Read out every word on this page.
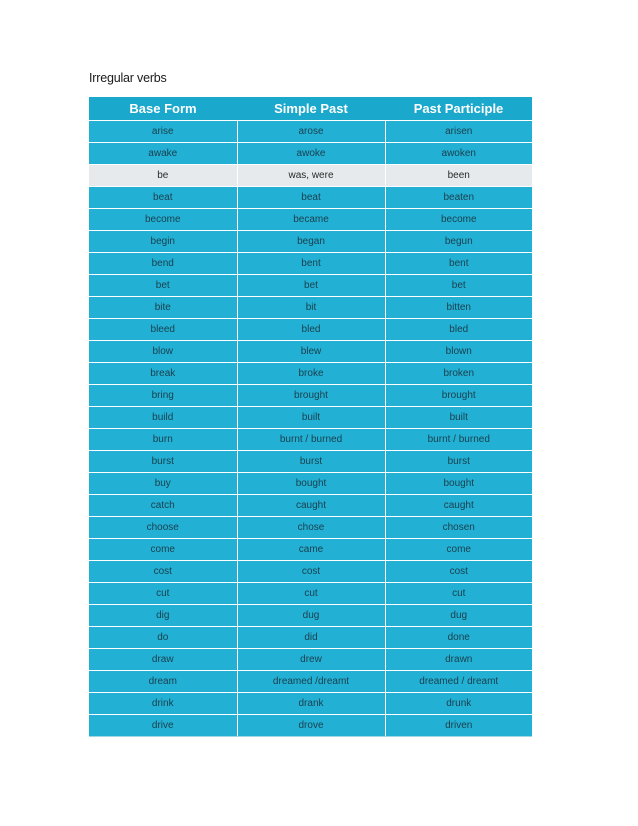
Irregular verbs
Base Form	Simple Past	Past Participle
arise	arose	arisen
awake	awoke	awoken
be	was, were	been
beat	beat	beaten
become	became	become
begin	began	begun
bend	bent	bent
bet	bet	bet
bite	bit	bitten
bleed	bled	bled
blow	blew	blown
break	broke	broken
bring	brought	brought
build	built	built
burn	burnt / burned	burnt / burned
burst	burst	burst
buy	bought	bought
catch	caught	caught
choose	chose	chosen
come	came	come
cost	cost	cost
cut	cut	cut
dig	dug	dug
do	did	done
draw	drew	drawn
dream	dreamed /dreamt	dreamed / dreamt
drink	drank	drunk
drive	drove	driven
